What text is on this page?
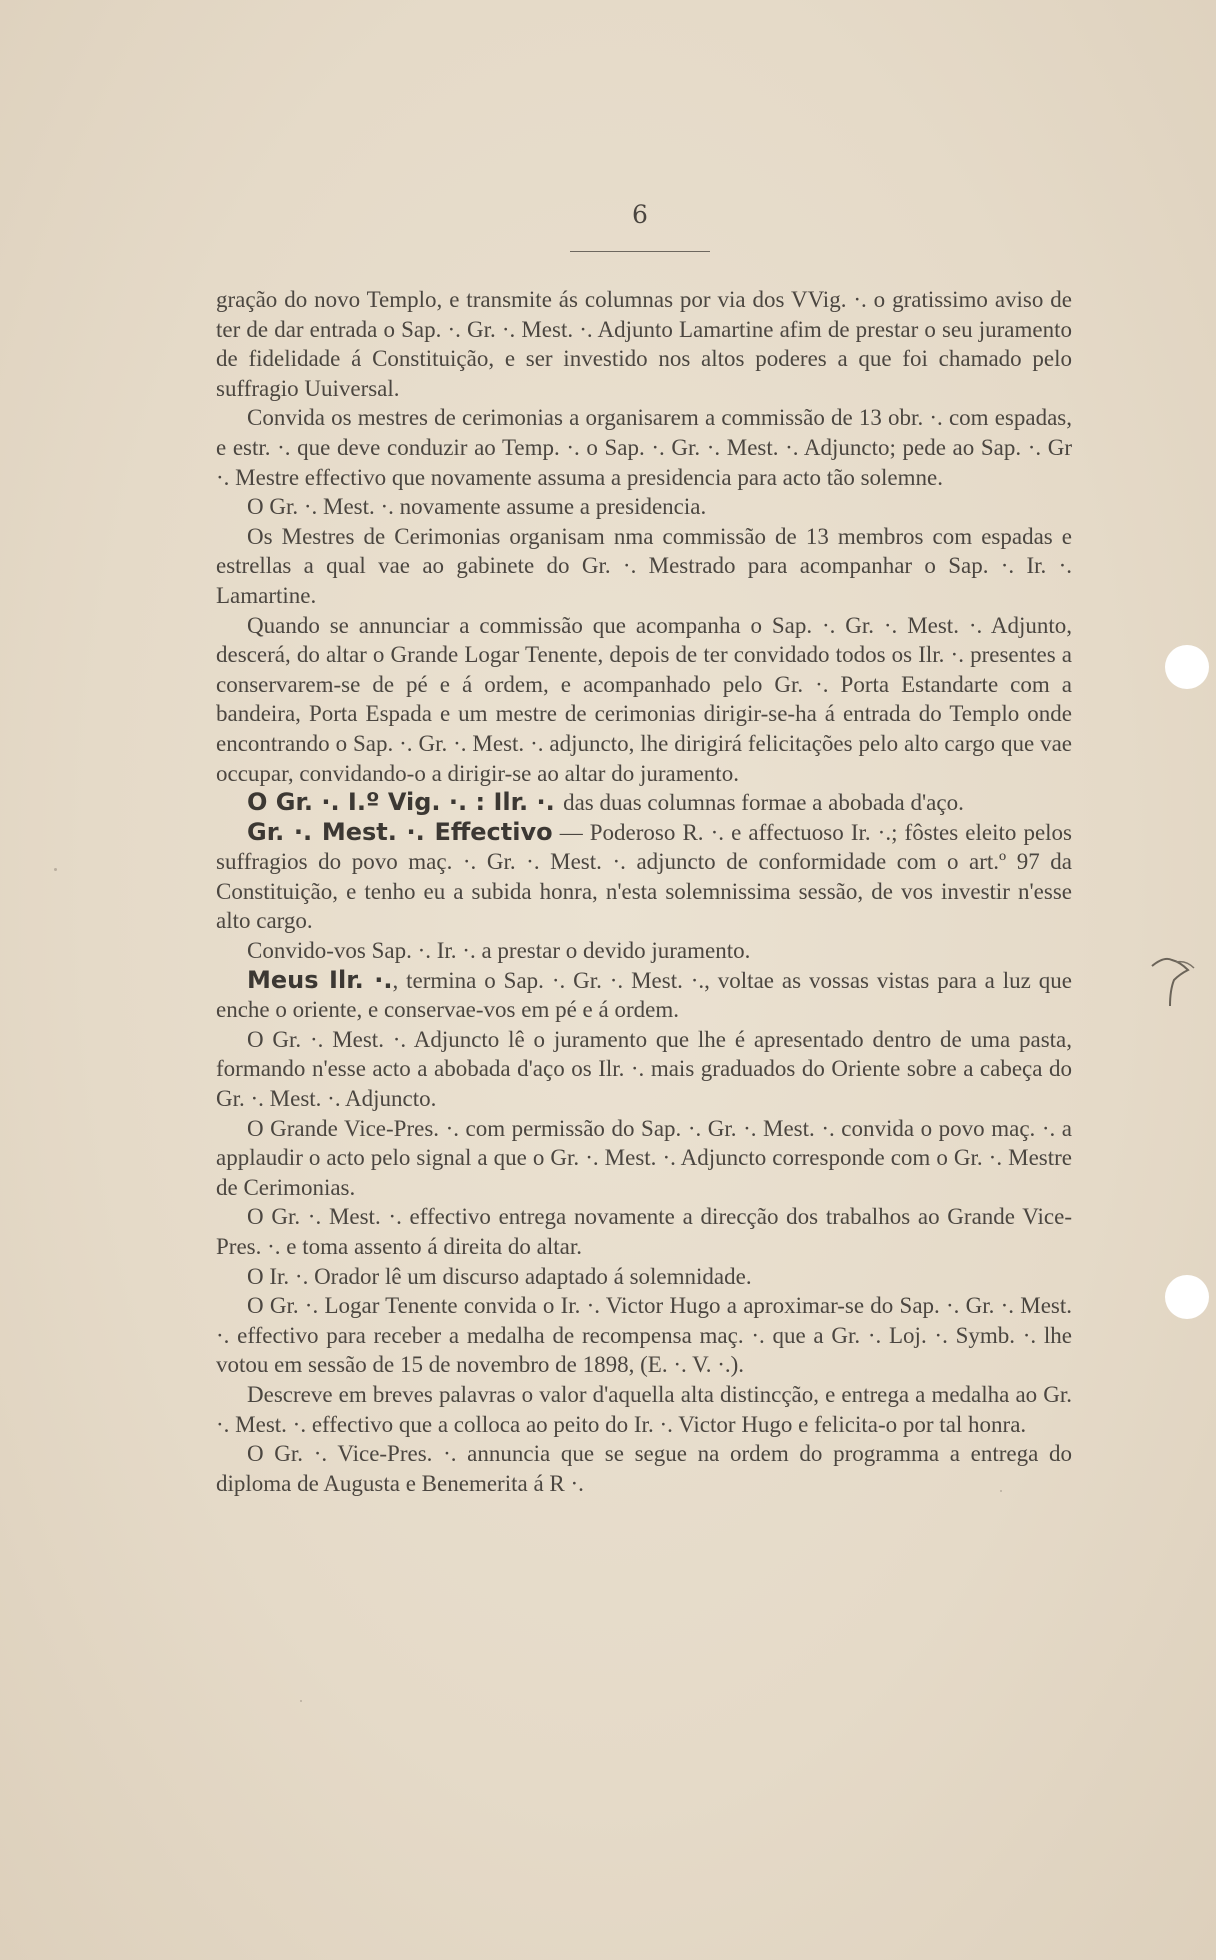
6

gração do novo Templo, e transmite ás columnas por via dos VVig. ·. o gratissimo aviso de ter de dar entrada o Sap. ·. Gr. ·. Mest. ·. Adjunto Lamartine afim de prestar o seu juramento de fidelidade á Constituição, e ser investido nos altos poderes a que foi chamado pelo suffragio Uuiversal.

Convida os mestres de cerimonias a organisarem a commissão de 13 obr. ·. com espadas, e estr. ·. que deve conduzir ao Temp. ·. o Sap. ·. Gr. ·. Mest. ·. Adjuncto; pede ao Sap. ·. Gr ·. Mestre effectivo que novamente assuma a presidencia para acto tão solemne.

O Gr. ·. Mest. ·. novamente assume a presidencia.

Os Mestres de Cerimonias organisam nma commissão de 13 membros com espadas e estrellas a qual vae ao gabinete do Gr. ·. Mestrado para acompanhar o Sap. ·. Ir. ·. Lamartine.

Quando se annunciar a commissão que acompanha o Sap. ·. Gr. ·. Mest. ·. Adjunto, descerá, do altar o Grande Logar Tenente, depois de ter convidado todos os Ilr. ·. presentes a conservarem-se de pé e á ordem, e acompanhado pelo Gr. ·. Porta Estandarte com a bandeira, Porta Espada e um mestre de cerimonias dirigir-se-ha á entrada do Templo onde encontrando o Sap. ·. Gr. ·. Mest. ·. adjuncto, lhe dirigirá felicitações pelo alto cargo que vae occupar, convidando-o a dirigir-se ao altar do juramento.

O Gr. ·. I.º Vig. ·. : Ilr. ·. das duas columnas formae a abobada d'aço.

Gr. ·. Mest. ·. Effectivo — Poderoso R. ·. e affectuoso Ir. ·.; fôstes eleito pelos suffragios do povo maç. ·. Gr. ·. Mest. ·. adjuncto de conformidade com o art.º 97 da Constituição, e tenho eu a subida honra, n'esta solemnissima sessão, de vos investir n'esse alto cargo.

Convido-vos Sap. ·. Ir. ·. a prestar o devido juramento.

Meus Ilr. ·., termina o Sap. ·. Gr. ·. Mest. ·., voltae as vossas vistas para a luz que enche o oriente, e conservae-vos em pé e á ordem.

O Gr. ·. Mest. ·. Adjuncto lê o juramento que lhe é apresentado dentro de uma pasta, formando n'esse acto a abobada d'aço os Ilr. ·. mais graduados do Oriente sobre a cabeça do Gr. ·. Mest. ·. Adjuncto.

O Grande Vice-Pres. ·. com permissão do Sap. ·. Gr. ·. Mest. ·. convida o povo maç. ·. a applaudir o acto pelo signal a que o Gr. ·. Mest. ·. Adjuncto corresponde com o Gr. ·. Mestre de Cerimonias.

O Gr. ·. Mest. ·. effectivo entrega novamente a direcção dos trabalhos ao Grande Vice-Pres. ·. e toma assento á direita do altar.

O Ir. ·. Orador lê um discurso adaptado á solemnidade.

O Gr. ·. Logar Tenente convida o Ir. ·. Victor Hugo a aproximar-se do Sap. ·. Gr. ·. Mest. ·. effectivo para receber a medalha de recompensa maç. ·. que a Gr. ·. Loj. ·. Symb. ·. lhe votou em sessão de 15 de novembro de 1898, (E. ·. V. ·.).

Descreve em breves palavras o valor d'aquella alta distincção, e entrega a medalha ao Gr. ·. Mest. ·. effectivo que a colloca ao peito do Ir. ·. Victor Hugo e felicita-o por tal honra.

O Gr. ·. Vice-Pres. ·. annuncia que se segue na ordem do programma a entrega do diploma de Augusta e Benemerita á R ·.
